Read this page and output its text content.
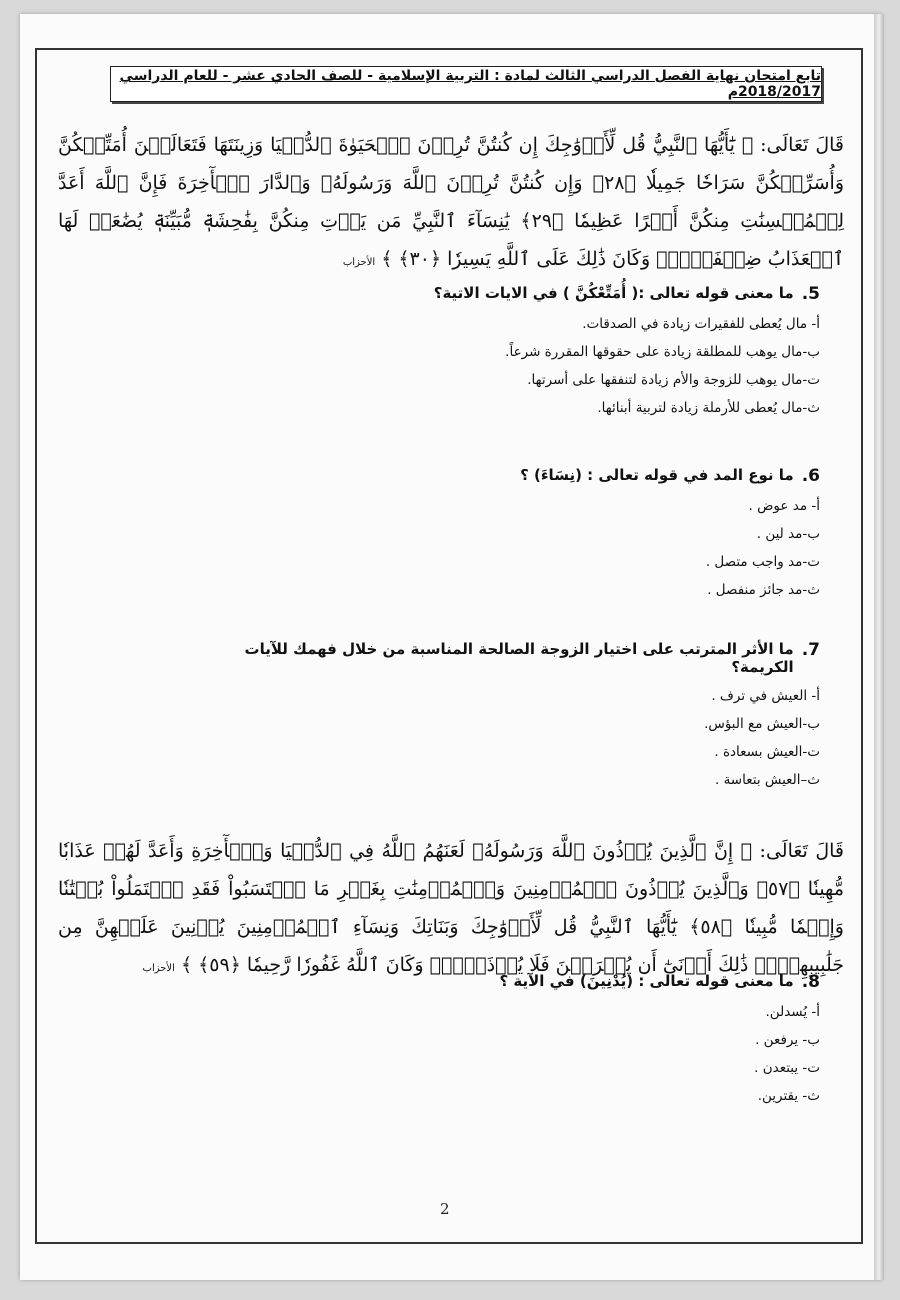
تابع امتحان نهاية الفصل الدراسي الثالث لمادة : التربية الإسلامية - للصف الحادي عشر - للعام الدراسي 2018/2017م
قَالَ تَعَالَى: ﴿ يَٰٓأَيُّهَا ٱلنَّبِيُّ قُل لِّأَزۡوَٰجِكَ إِن كُنتُنَّ تُرِدۡنَ ٱلۡحَيَوٰةَ ٱلدُّنۡيَا وَزِينَتَهَا فَتَعَالَيۡنَ أُمَتِّعۡكُنَّ وَأُسَرِّحۡكُنَّ سَرَاحٗا جَمِيلٗا ﴿٢٨﴾ وَإِن كُنتُنَّ تُرِدۡنَ ٱللَّهَ وَرَسُولَهُۥ وَٱلدَّارَ ٱلۡأٓخِرَةَ فَإِنَّ ٱللَّهَ أَعَدَّ لِلۡمُحۡسِنَٰتِ مِنكُنَّ أَجۡرًا عَظِيمٗا ﴿٢٩﴾ يَٰنِسَآءَ ٱلنَّبِيِّ مَن يَأۡتِ مِنكُنَّ بِفَٰحِشَةٖ مُّبَيِّنَةٖ يُضَٰعَفۡ لَهَا ٱلۡعَذَابُ ضِعۡفَيۡنِۚ وَكَانَ ذَٰلِكَ عَلَى ٱللَّهِ يَسِيرٗا ﴿٣٠﴾ ﴾ الأحزاب
5.
ما معنى قوله تعالى :( أُمَتِّعْكُنَّ ) في الايات الاتية؟
أ- مال يُعطى للفقيرات زيادة في الصدقات.
ب-مال يوهب للمطلقة زيادة على حقوقها المقررة شرعاً.
ت-مال يوهب للزوجة والأم زيادة لتنفقها على أسرتها.
ث-مال يُعطى للأرملة زيادة لتربية أبنائها.
6.
ما نوع المد في قوله تعالى : (نِسَاءَ) ؟
أ- مد عوض .
ب-مد لين .
ت-مد واجب متصل .
ث-مد جائز منفصل .
7.
ما الأثر المترتب على اختيار الزوجة الصالحة المناسبة من خلال فهمك للآيات الكريمة؟
أ- العيش في ترف .
ب-العيش مع البؤس.
ت-العيش بسعادة .
ث–العيش بتعاسة .
قَالَ تَعَالَى: ﴿ إِنَّ ٱلَّذِينَ يُؤۡذُونَ ٱللَّهَ وَرَسُولَهُۥ لَعَنَهُمُ ٱللَّهُ فِي ٱلدُّنۡيَا وَٱلۡأٓخِرَةِ وَأَعَدَّ لَهُمۡ عَذَابٗا مُّهِينٗا ﴿٥٧﴾ وَٱلَّذِينَ يُؤۡذُونَ ٱلۡمُؤۡمِنِينَ وَٱلۡمُؤۡمِنَٰتِ بِغَيۡرِ مَا ٱكۡتَسَبُواْ فَقَدِ ٱحۡتَمَلُواْ بُهۡتَٰنٗا وَإِثۡمٗا مُّبِينٗا ﴿٥٨﴾ يَٰٓأَيُّهَا ٱلنَّبِيُّ قُل لِّأَزۡوَٰجِكَ وَبَنَاتِكَ وَنِسَآءِ ٱلۡمُؤۡمِنِينَ يُدۡنِينَ عَلَيۡهِنَّ مِن جَلَٰبِيبِهِنَّۚ ذَٰلِكَ أَدۡنَىٰٓ أَن يُعۡرَفۡنَ فَلَا يُؤۡذَيۡنَۗ وَكَانَ ٱللَّهُ غَفُورٗا رَّحِيمٗا ﴿٥٩﴾ ﴾ الأحزاب
8.
ما معنى قوله تعالى : (يُدْنِينَ) في الآية ؟
أ- يُسدلن.
ب- يرفعن .
ت- يبتعدن .
ث- يقترين.
2
